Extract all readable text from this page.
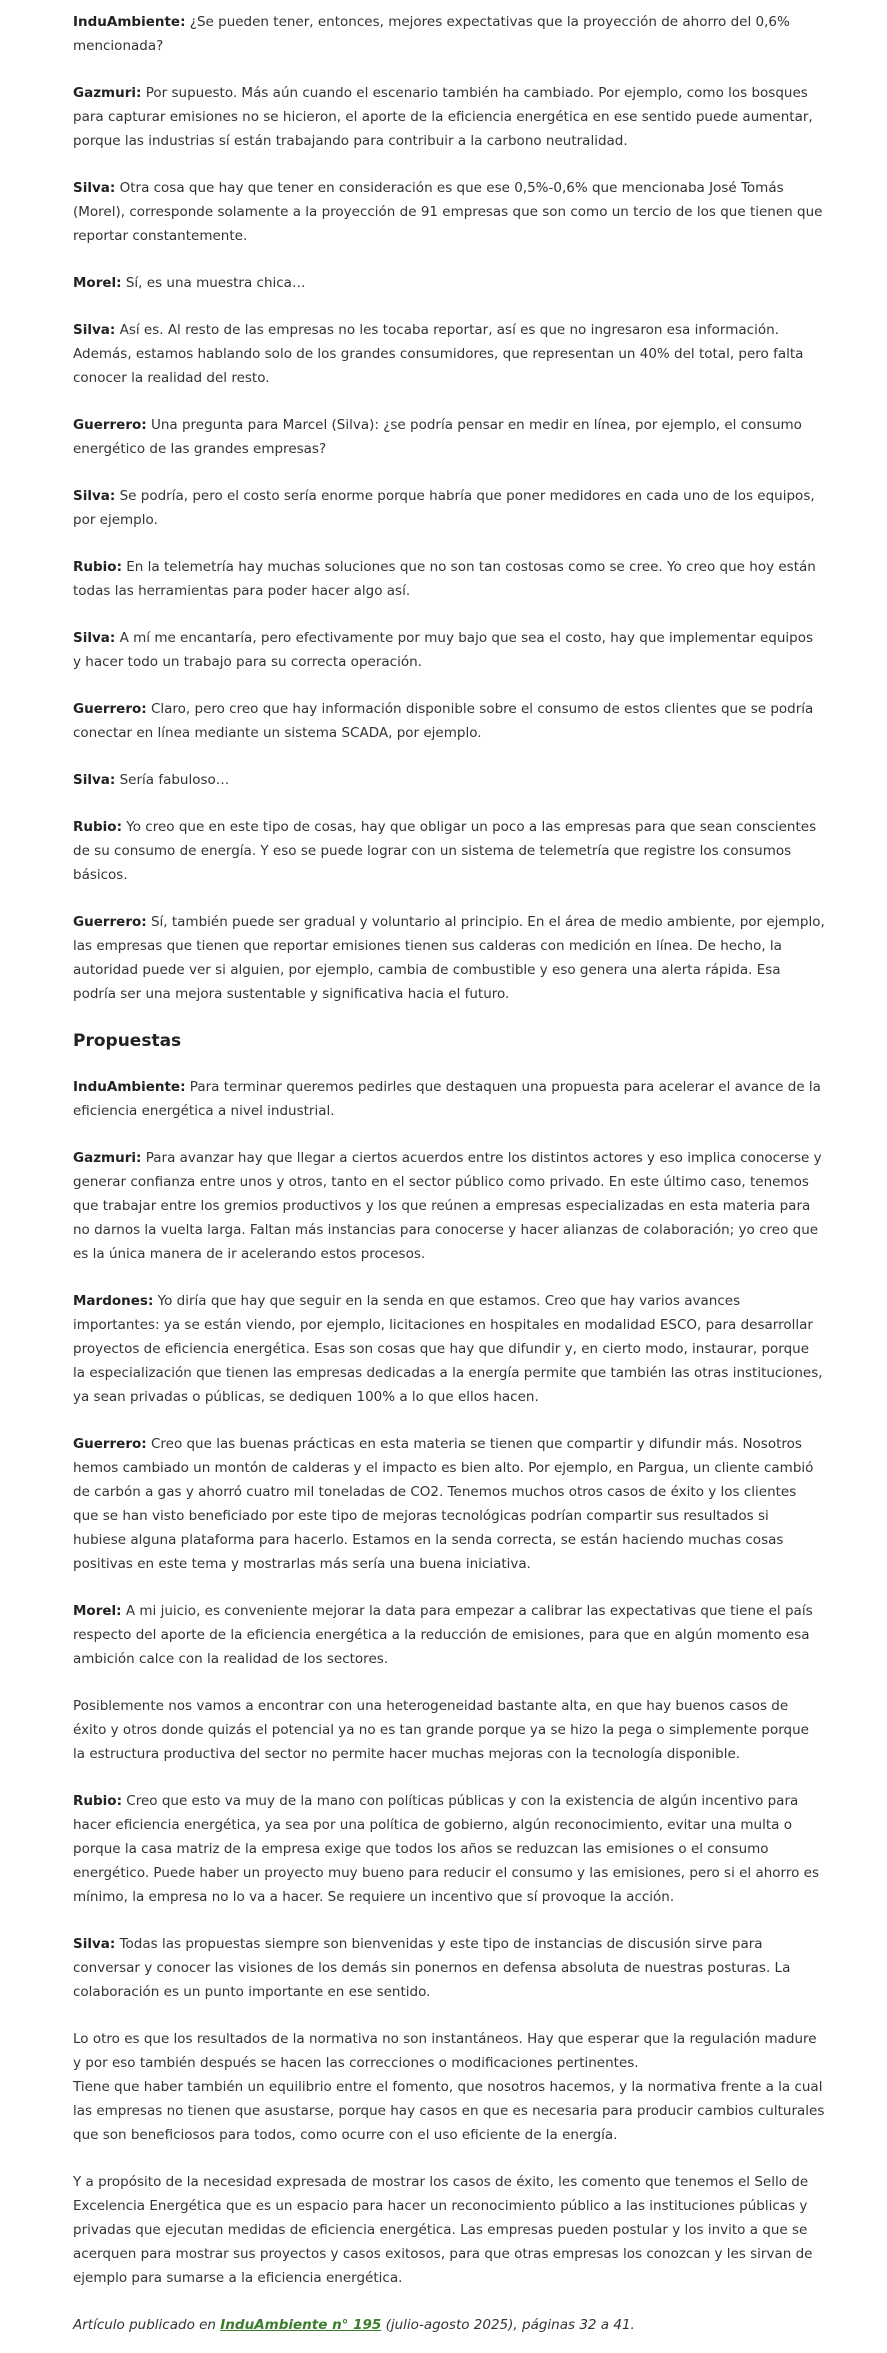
InduAmbiente: ¿Se pueden tener, entonces, mejores expectativas que la proyección de ahorro del 0,6% mencionada?
Gazmuri: Por supuesto. Más aún cuando el escenario también ha cambiado. Por ejemplo, como los bosques para capturar emisiones no se hicieron, el aporte de la eficiencia energética en ese sentido puede aumentar, porque las industrias sí están trabajando para contribuir a la carbono neutralidad.
Silva: Otra cosa que hay que tener en consideración es que ese 0,5%-0,6% que mencionaba José Tomás (Morel), corresponde solamente a la proyección de 91 empresas que son como un tercio de los que tienen que reportar constantemente.
Morel: Sí, es una muestra chica…
Silva: Así es. Al resto de las empresas no les tocaba reportar, así es que no ingresaron esa información. Además, estamos hablando solo de los grandes consumidores, que representan un 40% del total, pero falta conocer la realidad del resto.
Guerrero: Una pregunta para Marcel (Silva): ¿se podría pensar en medir en línea, por ejemplo, el consumo energético de las grandes empresas?
Silva: Se podría, pero el costo sería enorme porque habría que poner medidores en cada uno de los equipos, por ejemplo.
Rubio: En la telemetría hay muchas soluciones que no son tan costosas como se cree. Yo creo que hoy están todas las herramientas para poder hacer algo así.
Silva: A mí me encantaría, pero efectivamente por muy bajo que sea el costo, hay que implementar equipos y hacer todo un trabajo para su correcta operación.
Guerrero: Claro, pero creo que hay información disponible sobre el consumo de estos clientes que se podría conectar en línea mediante un sistema SCADA, por ejemplo.
Silva: Sería fabuloso…
Rubio: Yo creo que en este tipo de cosas, hay que obligar un poco a las empresas para que sean conscientes de su consumo de energía. Y eso se puede lograr con un sistema de telemetría que registre los consumos básicos.
Guerrero: Sí, también puede ser gradual y voluntario al principio. En el área de medio ambiente, por ejemplo, las empresas que tienen que reportar emisiones tienen sus calderas con medición en línea. De hecho, la autoridad puede ver si alguien, por ejemplo, cambia de combustible y eso genera una alerta rápida. Esa podría ser una mejora sustentable y significativa hacia el futuro.
Propuestas
InduAmbiente: Para terminar queremos pedirles que destaquen una propuesta para acelerar el avance de la eficiencia energética a nivel industrial.
Gazmuri: Para avanzar hay que llegar a ciertos acuerdos entre los distintos actores y eso implica conocerse y generar confianza entre unos y otros, tanto en el sector público como privado. En este último caso, tenemos que trabajar entre los gremios productivos y los que reúnen a empresas especializadas en esta materia para no darnos la vuelta larga. Faltan más instancias para conocerse y hacer alianzas de colaboración; yo creo que es la única manera de ir acelerando estos procesos.
Mardones: Yo diría que hay que seguir en la senda en que estamos. Creo que hay varios avances importantes: ya se están viendo, por ejemplo, licitaciones en hospitales en modalidad ESCO, para desarrollar proyectos de eficiencia energética. Esas son cosas que hay que difundir y, en cierto modo, instaurar, porque la especialización que tienen las empresas dedicadas a la energía permite que también las otras instituciones, ya sean privadas o públicas, se dediquen 100% a lo que ellos hacen.
Guerrero: Creo que las buenas prácticas en esta materia se tienen que compartir y difundir más. Nosotros hemos cambiado un montón de calderas y el impacto es bien alto. Por ejemplo, en Pargua, un cliente cambió de carbón a gas y ahorró cuatro mil toneladas de CO2. Tenemos muchos otros casos de éxito y los clientes que se han visto beneficiado por este tipo de mejoras tecnológicas podrían compartir sus resultados si hubiese alguna plataforma para hacerlo. Estamos en la senda correcta, se están haciendo muchas cosas positivas en este tema y mostrarlas más sería una buena iniciativa.
Morel: A mi juicio, es conveniente mejorar la data para empezar a calibrar las expectativas que tiene el país respecto del aporte de la eficiencia energética a la reducción de emisiones, para que en algún momento esa ambición calce con la realidad de los sectores.
Posiblemente nos vamos a encontrar con una heterogeneidad bastante alta, en que hay buenos casos de éxito y otros donde quizás el potencial ya no es tan grande porque ya se hizo la pega o simplemente porque la estructura productiva del sector no permite hacer muchas mejoras con la tecnología disponible.
Rubio: Creo que esto va muy de la mano con políticas públicas y con la existencia de algún incentivo para hacer eficiencia energética, ya sea por una política de gobierno, algún reconocimiento, evitar una multa o porque la casa matriz de la empresa exige que todos los años se reduzcan las emisiones o el consumo energético. Puede haber un proyecto muy bueno para reducir el consumo y las emisiones, pero si el ahorro es mínimo, la empresa no lo va a hacer. Se requiere un incentivo que sí provoque la acción.
Silva: Todas las propuestas siempre son bienvenidas y este tipo de instancias de discusión sirve para conversar y conocer las visiones de los demás sin ponernos en defensa absoluta de nuestras posturas. La colaboración es un punto importante en ese sentido.
Lo otro es que los resultados de la normativa no son instantáneos. Hay que esperar que la regulación madure y por eso también después se hacen las correcciones o modificaciones pertinentes.
Tiene que haber también un equilibrio entre el fomento, que nosotros hacemos, y la normativa frente a la cual las empresas no tienen que asustarse, porque hay casos en que es necesaria para producir cambios culturales que son beneficiosos para todos, como ocurre con el uso eficiente de la energía.
Y a propósito de la necesidad expresada de mostrar los casos de éxito, les comento que tenemos el Sello de Excelencia Energética que es un espacio para hacer un reconocimiento público a las instituciones públicas y privadas que ejecutan medidas de eficiencia energética. Las empresas pueden postular y los invito a que se acerquen para mostrar sus proyectos y casos exitosos, para que otras empresas los conozcan y les sirvan de ejemplo para sumarse a la eficiencia energética.
Artículo publicado en InduAmbiente n° 195 (julio-agosto 2025), páginas 32 a 41.
